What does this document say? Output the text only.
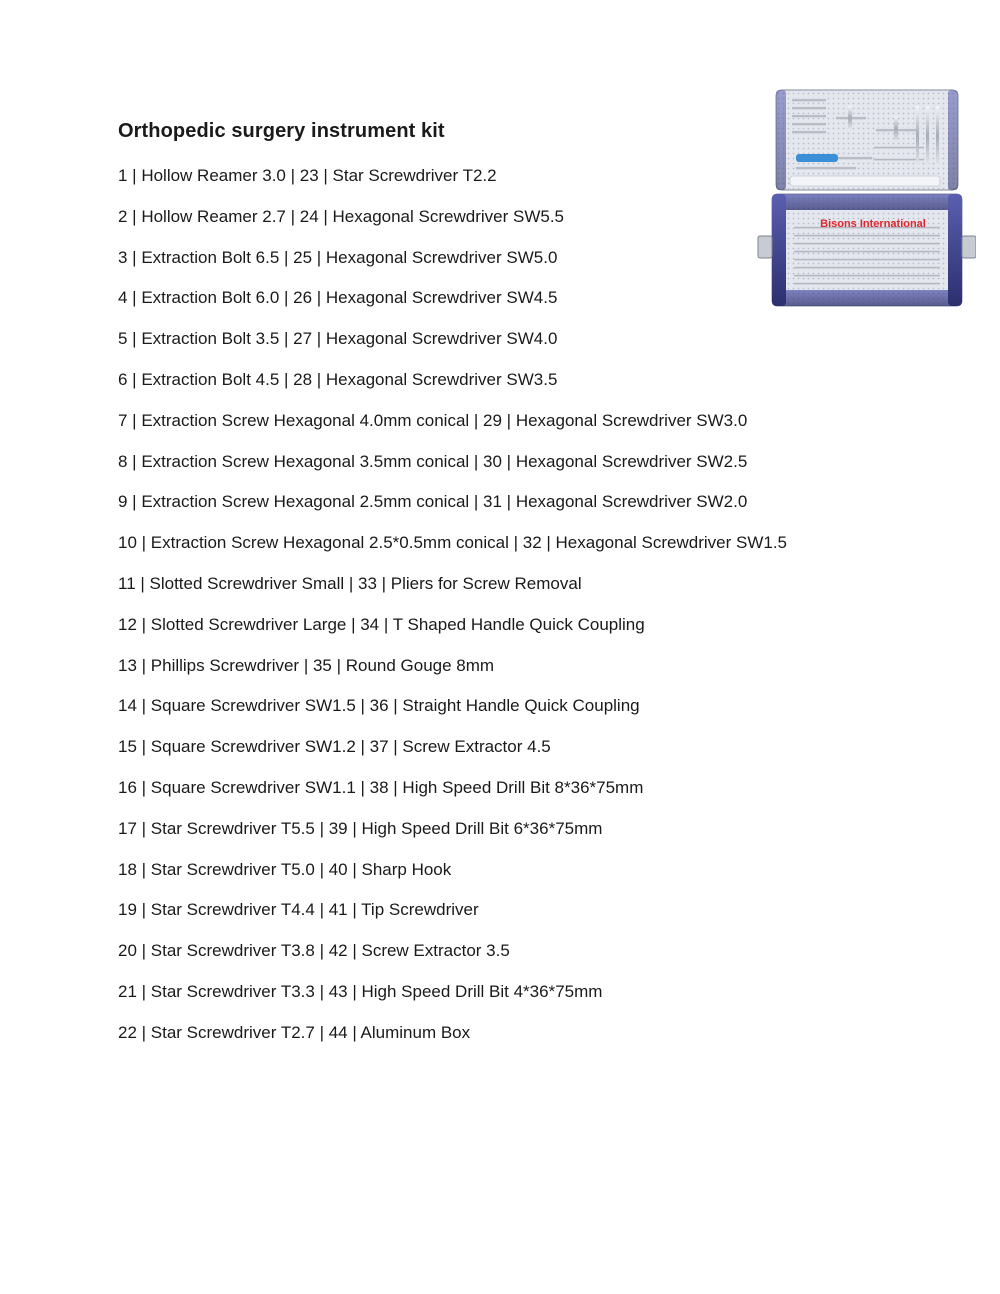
Orthopedic surgery instrument kit
1 | Hollow Reamer 3.0 | 23 | Star Screwdriver T2.2
2 | Hollow Reamer 2.7 | 24 | Hexagonal Screwdriver SW5.5
3 | Extraction Bolt 6.5 | 25 | Hexagonal Screwdriver SW5.0
4 | Extraction Bolt 6.0 | 26 | Hexagonal Screwdriver SW4.5
5 | Extraction Bolt 3.5 | 27 | Hexagonal Screwdriver SW4.0
6 | Extraction Bolt 4.5 | 28 | Hexagonal Screwdriver SW3.5
7 | Extraction Screw Hexagonal 4.0mm conical | 29 | Hexagonal Screwdriver SW3.0
8 | Extraction Screw Hexagonal 3.5mm conical | 30 | Hexagonal Screwdriver SW2.5
9 | Extraction Screw Hexagonal 2.5mm conical | 31 | Hexagonal Screwdriver SW2.0
10 | Extraction Screw Hexagonal 2.5*0.5mm conical | 32 | Hexagonal Screwdriver SW1.5
11 | Slotted Screwdriver Small | 33 | Pliers for Screw Removal
12 | Slotted Screwdriver Large | 34 | T Shaped Handle Quick Coupling
13 | Phillips Screwdriver | 35 | Round Gouge 8mm
14 | Square Screwdriver SW1.5 | 36 | Straight Handle Quick Coupling
15 | Square Screwdriver SW1.2 | 37 | Screw Extractor 4.5
16 | Square Screwdriver SW1.1 | 38 | High Speed Drill Bit 8*36*75mm
17 | Star Screwdriver T5.5 | 39 | High Speed Drill Bit 6*36*75mm
18 | Star Screwdriver T5.0 | 40 | Sharp Hook
19 | Star Screwdriver T4.4 | 41 | Tip Screwdriver
20 | Star Screwdriver T3.8 | 42 | Screw Extractor 3.5
21 | Star Screwdriver T3.3 | 43 | High Speed Drill Bit 4*36*75mm
22 | Star Screwdriver T2.7 | 44 | Aluminum Box
Bisons International
